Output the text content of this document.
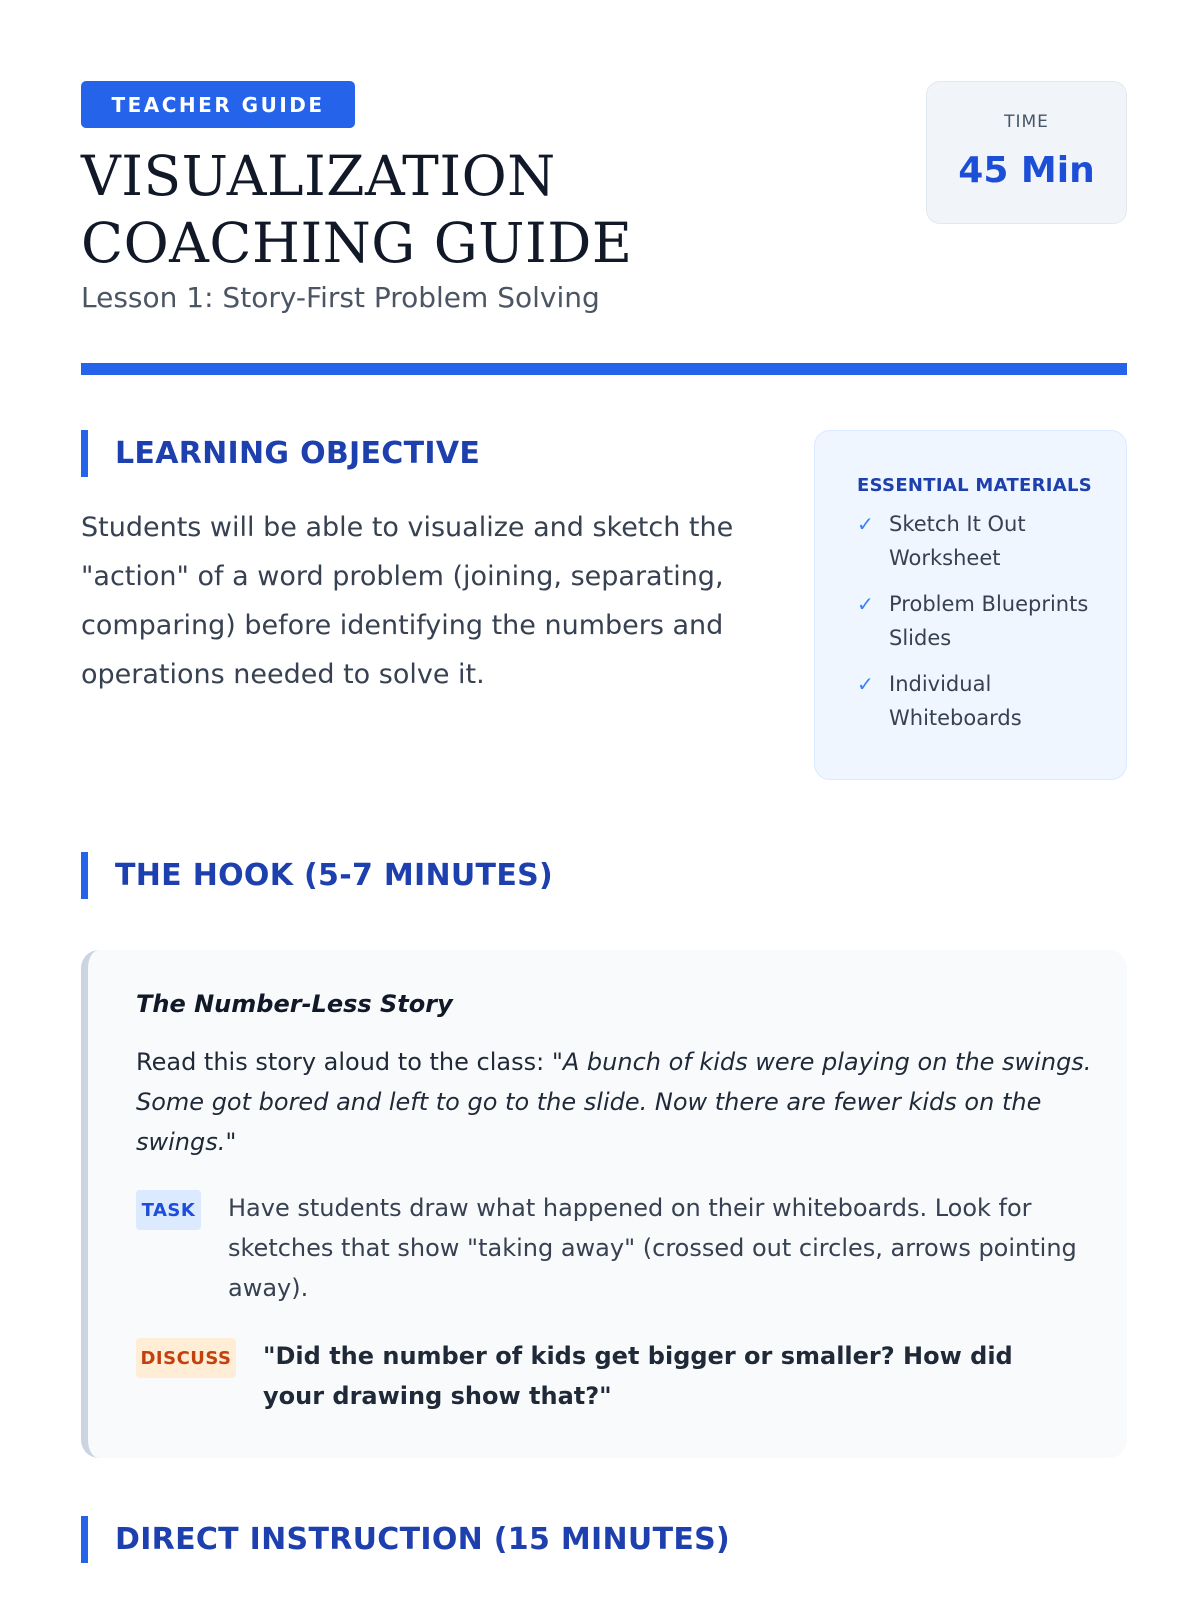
TEACHER GUIDE
VISUALIZATION COACHING GUIDE
Lesson 1: Story-First Problem Solving
TIME
45 Min
LEARNING OBJECTIVE

Students will be able to visualize and sketch the "action" of a word problem (joining, separating, comparing) before identifying the numbers and operations needed to solve it.

ESSENTIAL MATERIALS
✓ Sketch It Out Worksheet
✓ Problem Blueprints Slides
✓ Individual Whiteboards
THE HOOK (5-7 MINUTES)
The Number-Less Story

Read this story aloud to the class: "A bunch of kids were playing on the swings. Some got bored and left to go to the slide. Now there are fewer kids on the swings."

TASK Have students draw what happened on their whiteboards. Look for sketches that show "taking away" (crossed out circles, arrows pointing away).

DISCUSS "Did the number of kids get bigger or smaller? How did your drawing show that?"

DIRECT INSTRUCTION (15 MINUTES)
